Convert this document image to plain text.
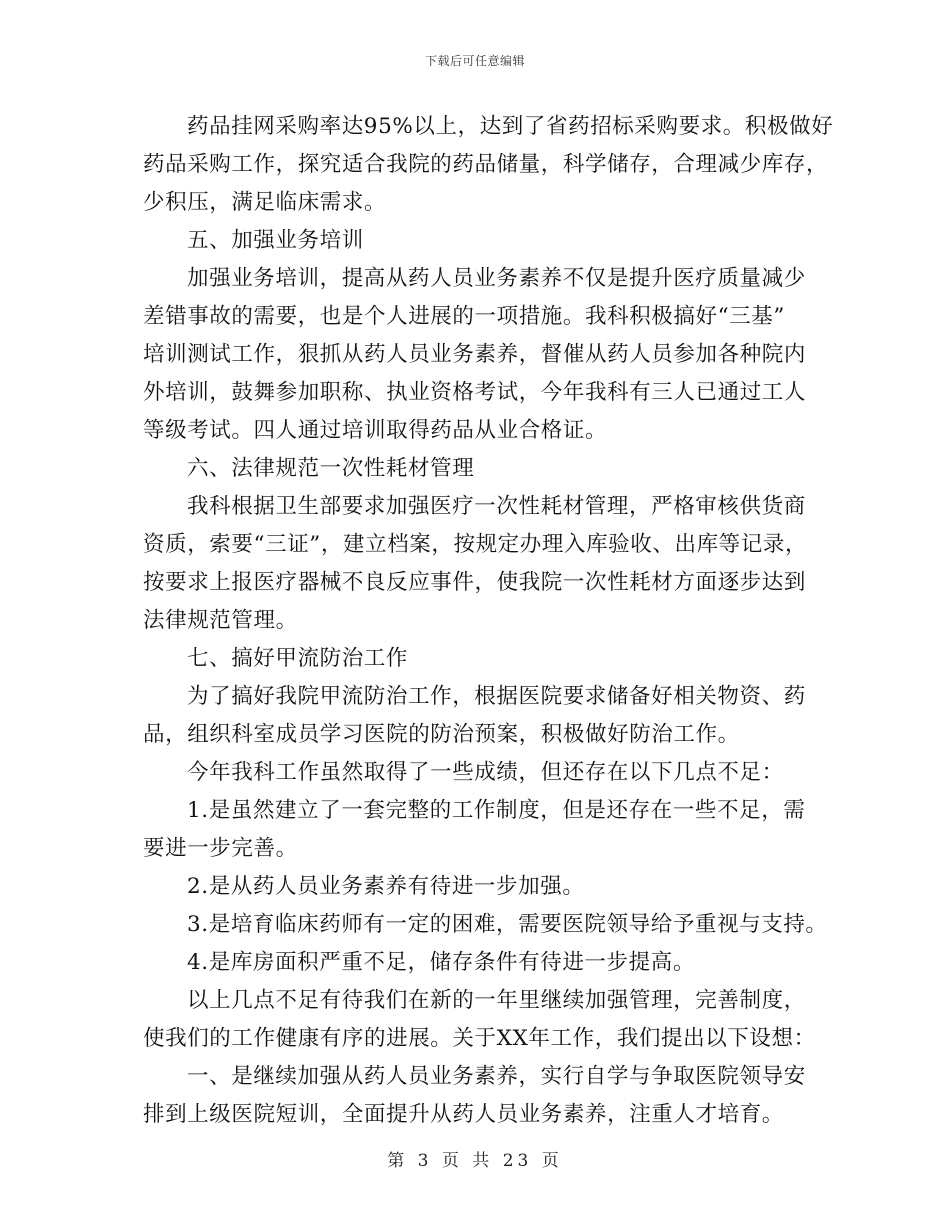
下载后可任意编辑
药品挂网采购率达95%以上，达到了省药招标采购要求。积极做好
药品采购工作，探究适合我院的药品储量，科学储存，合理减少库存，
少积压，满足临床需求。
五、加强业务培训
加强业务培训，提高从药人员业务素养不仅是提升医疗质量减少
差错事故的需要，也是个人进展的一项措施。我科积极搞好“三基”
培训测试工作，狠抓从药人员业务素养，督催从药人员参加各种院内
外培训，鼓舞参加职称、执业资格考试，今年我科有三人已通过工人
等级考试。四人通过培训取得药品从业合格证。
六、法律规范一次性耗材管理
我科根据卫生部要求加强医疗一次性耗材管理，严格审核供货商
资质，索要“三证”，建立档案，按规定办理入库验收、出库等记录，
按要求上报医疗器械不良反应事件，使我院一次性耗材方面逐步达到
法律规范管理。
七、搞好甲流防治工作
为了搞好我院甲流防治工作，根据医院要求储备好相关物资、药
品，组织科室成员学习医院的防治预案，积极做好防治工作。
今年我科工作虽然取得了一些成绩，但还存在以下几点不足：
1.是虽然建立了一套完整的工作制度，但是还存在一些不足，需
要进一步完善。
2.是从药人员业务素养有待进一步加强。
3.是培育临床药师有一定的困难，需要医院领导给予重视与支持。
4.是库房面积严重不足，储存条件有待进一步提高。
以上几点不足有待我们在新的一年里继续加强管理，完善制度，
使我们的工作健康有序的进展。关于XX年工作，我们提出以下设想：
一、是继续加强从药人员业务素养，实行自学与争取医院领导安
排到上级医院短训，全面提升从药人员业务素养，注重人才培育。
第 3 页 共 23 页
